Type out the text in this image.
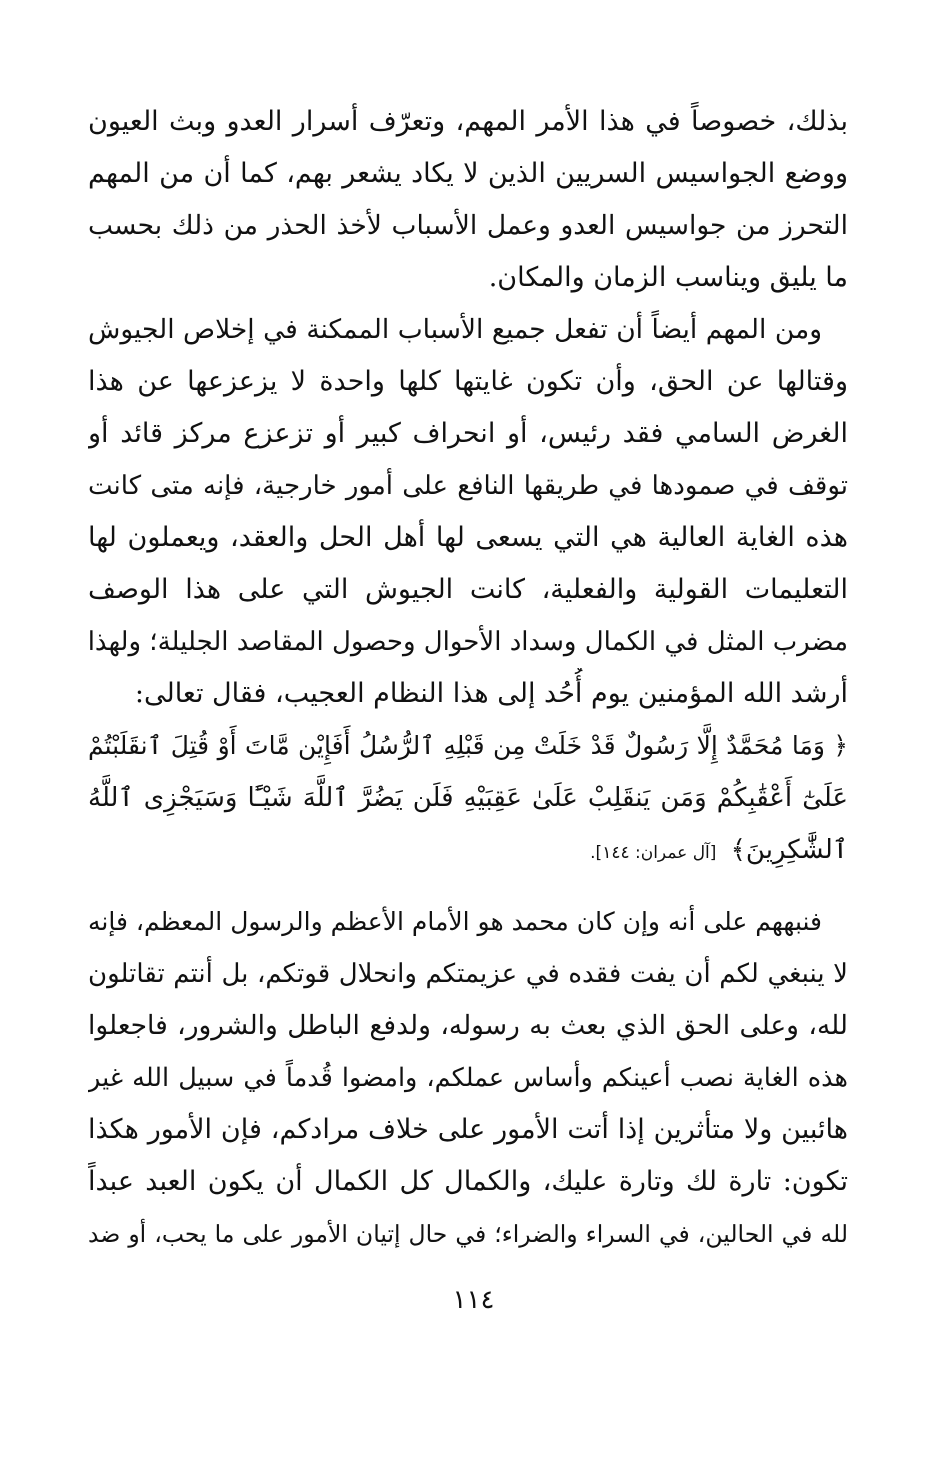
بذلك، خصوصاً في هذا الأمر المهم، وتعرّف أسرار العدو وبث العيون
ووضع الجواسيس السريين الذين لا يكاد يشعر بهم، كما أن من المهم
التحرز من جواسيس العدو وعمل الأسباب لأخذ الحذر من ذلك بحسب
ما يليق ويناسب الزمان والمكان.
ومن المهم أيضاً أن تفعل جميع الأسباب الممكنة في إخلاص الجيوش
وقتالها عن الحق، وأن تكون غايتها كلها واحدة لا يزعزعها عن هذا
الغرض السامي فقد رئيس، أو انحراف كبير أو تزعزع مركز قائد أو
توقف في صمودها في طريقها النافع على أمور خارجية، فإنه متى كانت
هذه الغاية العالية هي التي يسعى لها أهل الحل والعقد، ويعملون لها
التعليمات القولية والفعلية، كانت الجيوش التي على هذا الوصف
مضرب المثل في الكمال وسداد الأحوال وحصول المقاصد الجليلة؛ ولهذا
أرشد الله المؤمنين يوم أُحُد إلى هذا النظام العجيب، فقال تعالى:
﴿ وَمَا مُحَمَّدٌ إِلَّا رَسُولٌ قَدْ خَلَتْ مِن قَبْلِهِ ٱلرُّسُلُ أَفَإِيْن مَّاتَ أَوْ قُتِلَ ٱنقَلَبْتُمْ
عَلَىٰٓ أَعْقَٰبِكُمْ وَمَن يَنقَلِبْ عَلَىٰ عَقِبَيْهِ فَلَن يَضُرَّ ٱللَّهَ شَيْـًٔا وَسَيَجْزِى ٱللَّهُ
ٱلشَّٰكِرِينَ﴾ [آل عمران: ١٤٤].
فنبههم على أنه وإن كان محمد هو الأمام الأعظم والرسول المعظم، فإنه
لا ينبغي لكم أن يفت فقده في عزيمتكم وانحلال قوتكم، بل أنتم تقاتلون
لله، وعلى الحق الذي بعث به رسوله، ولدفع الباطل والشرور، فاجعلوا
هذه الغاية نصب أعينكم وأساس عملكم، وامضوا قُدماً في سبيل الله غير
هائبين ولا متأثرين إذا أتت الأمور على خلاف مرادكم، فإن الأمور هكذا
تكون: تارة لك وتارة عليك، والكمال كل الكمال أن يكون العبد عبداً
لله في الحالين، في السراء والضراء؛ في حال إتيان الأمور على ما يحب، أو ضد
١١٤
